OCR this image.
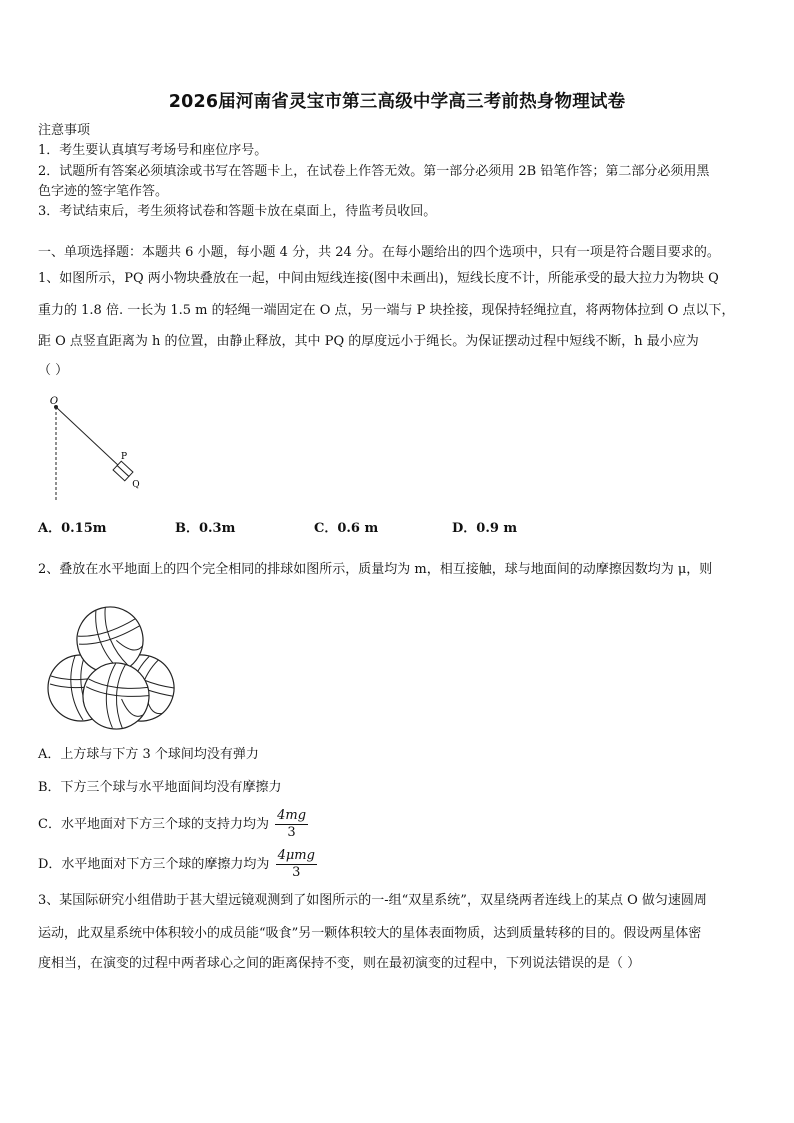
2026届河南省灵宝市第三高级中学高三考前热身物理试卷
注意事项
1．考生要认真填写考场号和座位序号。
2．试题所有答案必须填涂或书写在答题卡上，在试卷上作答无效。第一部分必须用 2B 铅笔作答；第二部分必须用黑
色字迹的签字笔作答。
3．考试结束后，考生须将试卷和答题卡放在桌面上，待监考员收回。
一、单项选择题：本题共 6 小题，每小题 4 分，共 24 分。在每小题给出的四个选项中，只有一项是符合题目要求的。
1、如图所示，PQ 两小物块叠放在一起，中间由短线连接(图中未画出)，短线长度不计，所能承受的最大拉力为物块 Q
重力的 1.8 倍. 一长为 1.5 m 的轻绳一端固定在 O 点，另一端与 P 块拴接，现保持轻绳拉直，将两物体拉到 O 点以下，
距 O 点竖直距离为 h 的位置，由静止释放，其中 PQ 的厚度远小于绳长。为保证摆动过程中短线不断，h 最小应为
（ ）
O
P
Q
A．0.15m	B．0.3m	C．0.6 m	D．0.9 m
2、叠放在水平地面上的四个完全相同的排球如图所示，质量均为 m，相互接触，球与地面间的动摩擦因数均为 μ，则
A．上方球与下方 3 个球间均没有弹力
B．下方三个球与水平地面间均没有摩擦力
C．水平地面对下方三个球的支持力均为 $\frac{4mg}{3}$
D．水平地面对下方三个球的摩擦力均为 $\frac{\text{4μmg}}{3}$
3、某国际研究小组借助于甚大望远镜观测到了如图所示的一-组“双星系统”，双星绕两者连线上的某点 O 做匀速圆周
运动，此双星系统中体积较小的成员能“吸食”另一颗体积较大的星体表面物质，达到质量转移的目的。假设两星体密
度相当，在演变的过程中两者球心之间的距离保持不变，则在最初演变的过程中，下列说法错误的是（ ）
